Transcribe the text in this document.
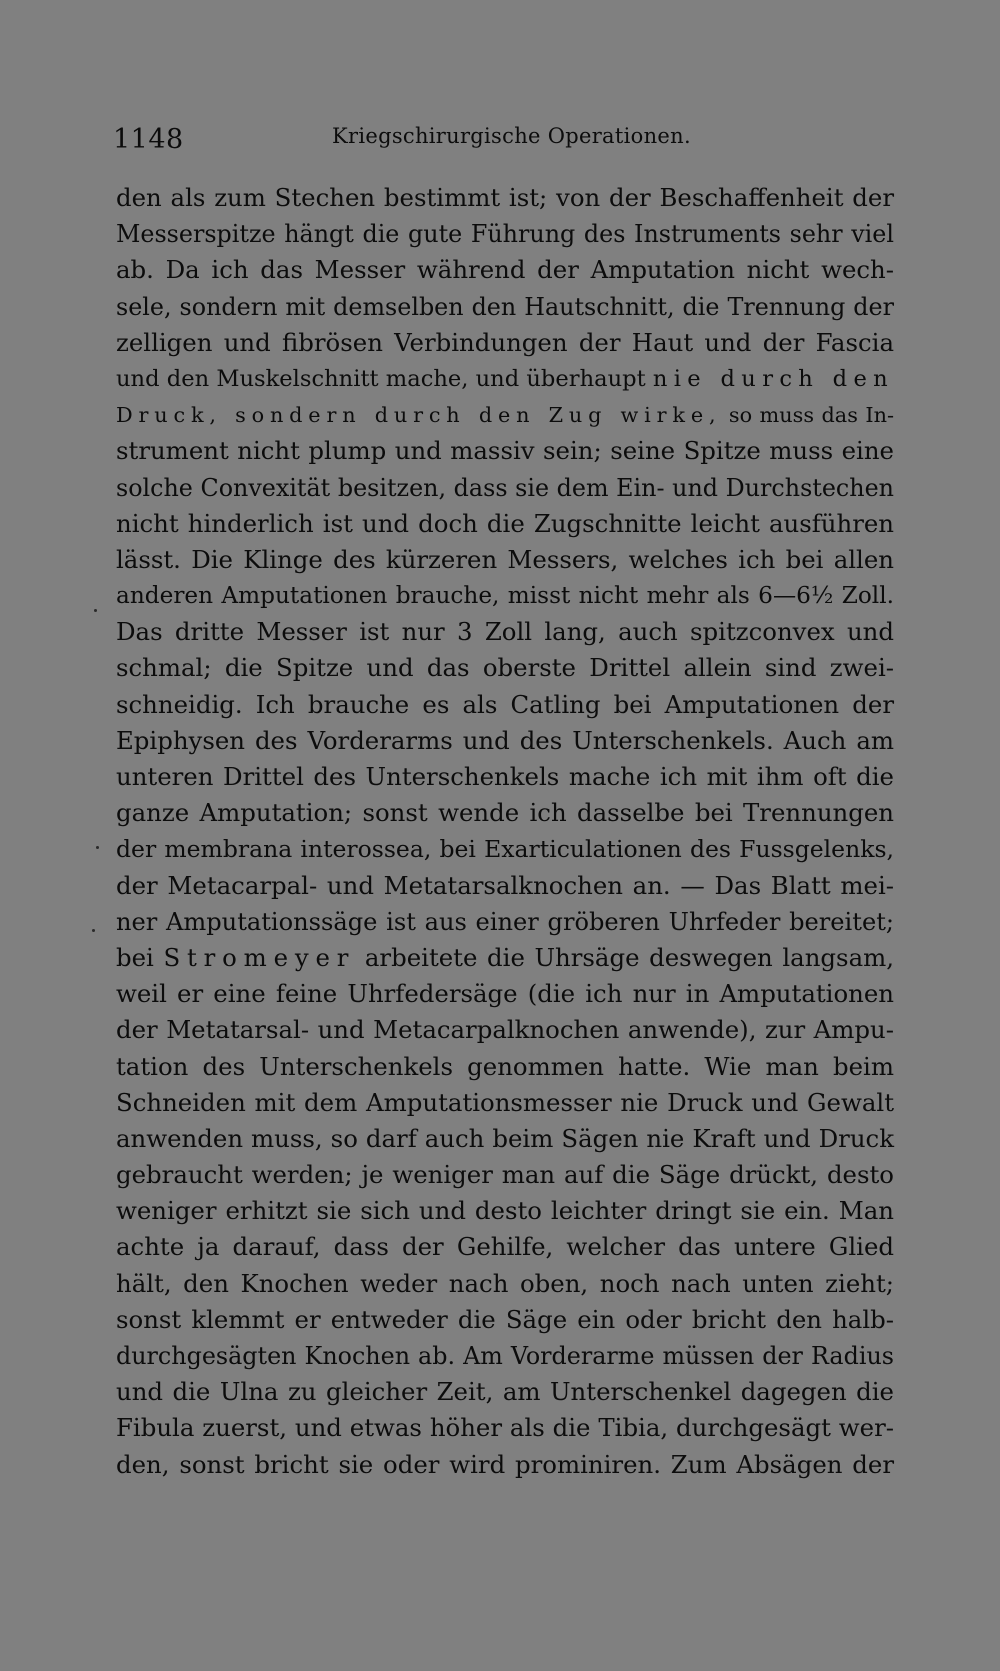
1148	Kriegschirurgische Operationen.
den als zum Stechen bestimmt ist; von der Beschaffenheit der
Messerspitze hängt die gute Führung des Instruments sehr viel
ab. Da ich das Messer während der Amputation nicht wech-
sele, sondern mit demselben den Hautschnitt, die Trennung der
zelligen und fibrösen Verbindungen der Haut und der Fascia
und den Muskelschnitt mache, und überhaupt nie durch den
Druck, sondern durch den Zug wirke, so muss das In-
strument nicht plump und massiv sein; seine Spitze muss eine
solche Convexität besitzen, dass sie dem Ein- und Durchstechen
nicht hinderlich ist und doch die Zugschnitte leicht ausführen
lässt. Die Klinge des kürzeren Messers, welches ich bei allen
anderen Amputationen brauche, misst nicht mehr als 6—6½ Zoll.
Das dritte Messer ist nur 3 Zoll lang, auch spitzconvex und
schmal; die Spitze und das oberste Drittel allein sind zwei-
schneidig. Ich brauche es als Catling bei Amputationen der
Epiphysen des Vorderarms und des Unterschenkels. Auch am
unteren Drittel des Unterschenkels mache ich mit ihm oft die
ganze Amputation; sonst wende ich dasselbe bei Trennungen
der membrana interossea, bei Exarticulationen des Fussgelenks,
der Metacarpal- und Metatarsalknochen an. — Das Blatt mei-
ner Amputationssäge ist aus einer gröberen Uhrfeder bereitet;
bei Stromeyer arbeitete die Uhrsäge deswegen langsam,
weil er eine feine Uhrfedersäge (die ich nur in Amputationen
der Metatarsal- und Metacarpalknochen anwende), zur Ampu-
tation des Unterschenkels genommen hatte. Wie man beim
Schneiden mit dem Amputationsmesser nie Druck und Gewalt
anwenden muss, so darf auch beim Sägen nie Kraft und Druck
gebraucht werden; je weniger man auf die Säge drückt, desto
weniger erhitzt sie sich und desto leichter dringt sie ein. Man
achte ja darauf, dass der Gehilfe, welcher das untere Glied
hält, den Knochen weder nach oben, noch nach unten zieht;
sonst klemmt er entweder die Säge ein oder bricht den halb-
durchgesägten Knochen ab. Am Vorderarme müssen der Radius
und die Ulna zu gleicher Zeit, am Unterschenkel dagegen die
Fibula zuerst, und etwas höher als die Tibia, durchgesägt wer-
den, sonst bricht sie oder wird prominiren. Zum Absägen der
